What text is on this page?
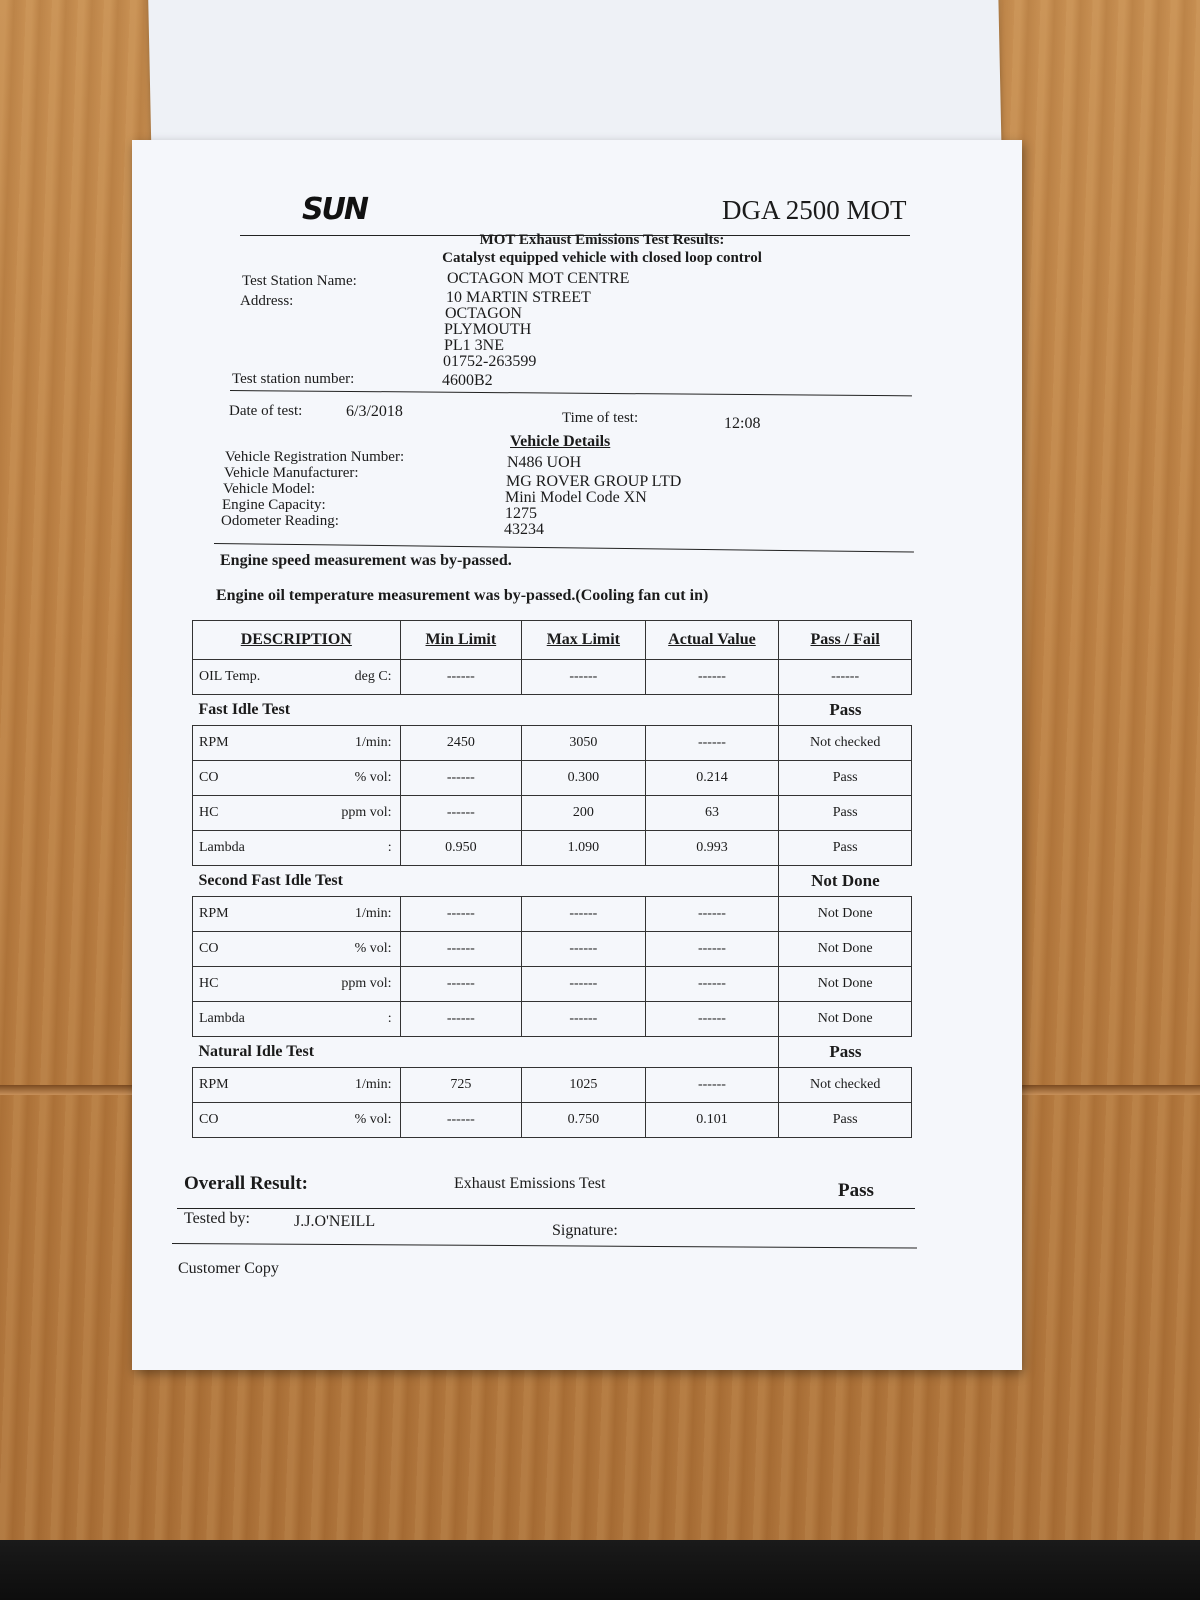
SUN	DGA 2500 MOT
MOT Exhaust Emissions Test Results:
Catalyst equipped vehicle with closed loop control
Test Station Name:	OCTAGON MOT CENTRE
Address:	10 MARTIN STREET
OCTAGON
PLYMOUTH
PL1 3NE
01752-263599
Test station number:	4600B2
Date of test:	6/3/2018	Time of test:	12:08
Vehicle Details
Vehicle Registration Number:	N486 UOH
Vehicle Manufacturer:	MG ROVER GROUP LTD
Vehicle Model:	Mini Model Code XN
Engine Capacity:	1275
Odometer Reading:	43234
Engine speed measurement was by-passed.
Engine oil temperature measurement was by-passed.(Cooling fan cut in)
DESCRIPTION		Min Limit	Max Limit	Actual Value	Pass / Fail
OIL Temp.	deg C:	------	------	------	------
Fast Idle Test					Pass
RPM	1/min:	2450	3050	------	Not checked
CO	% vol:	------	0.300	0.214	Pass
HC	ppm vol:	------	200	63	Pass
Lambda	:	0.950	1.090	0.993	Pass
Second Fast Idle Test					Not Done
RPM	1/min:	------	------	------	Not Done
CO	% vol:	------	------	------	Not Done
HC	ppm vol:	------	------	------	Not Done
Lambda	:	------	------	------	Not Done
Natural Idle Test					Pass
RPM	1/min:	725	1025	------	Not checked
CO	% vol:	------	0.750	0.101	Pass
Overall Result:	Exhaust Emissions Test	Pass
Tested by:	J.J.O'NEILL
Signature:
Customer Copy
